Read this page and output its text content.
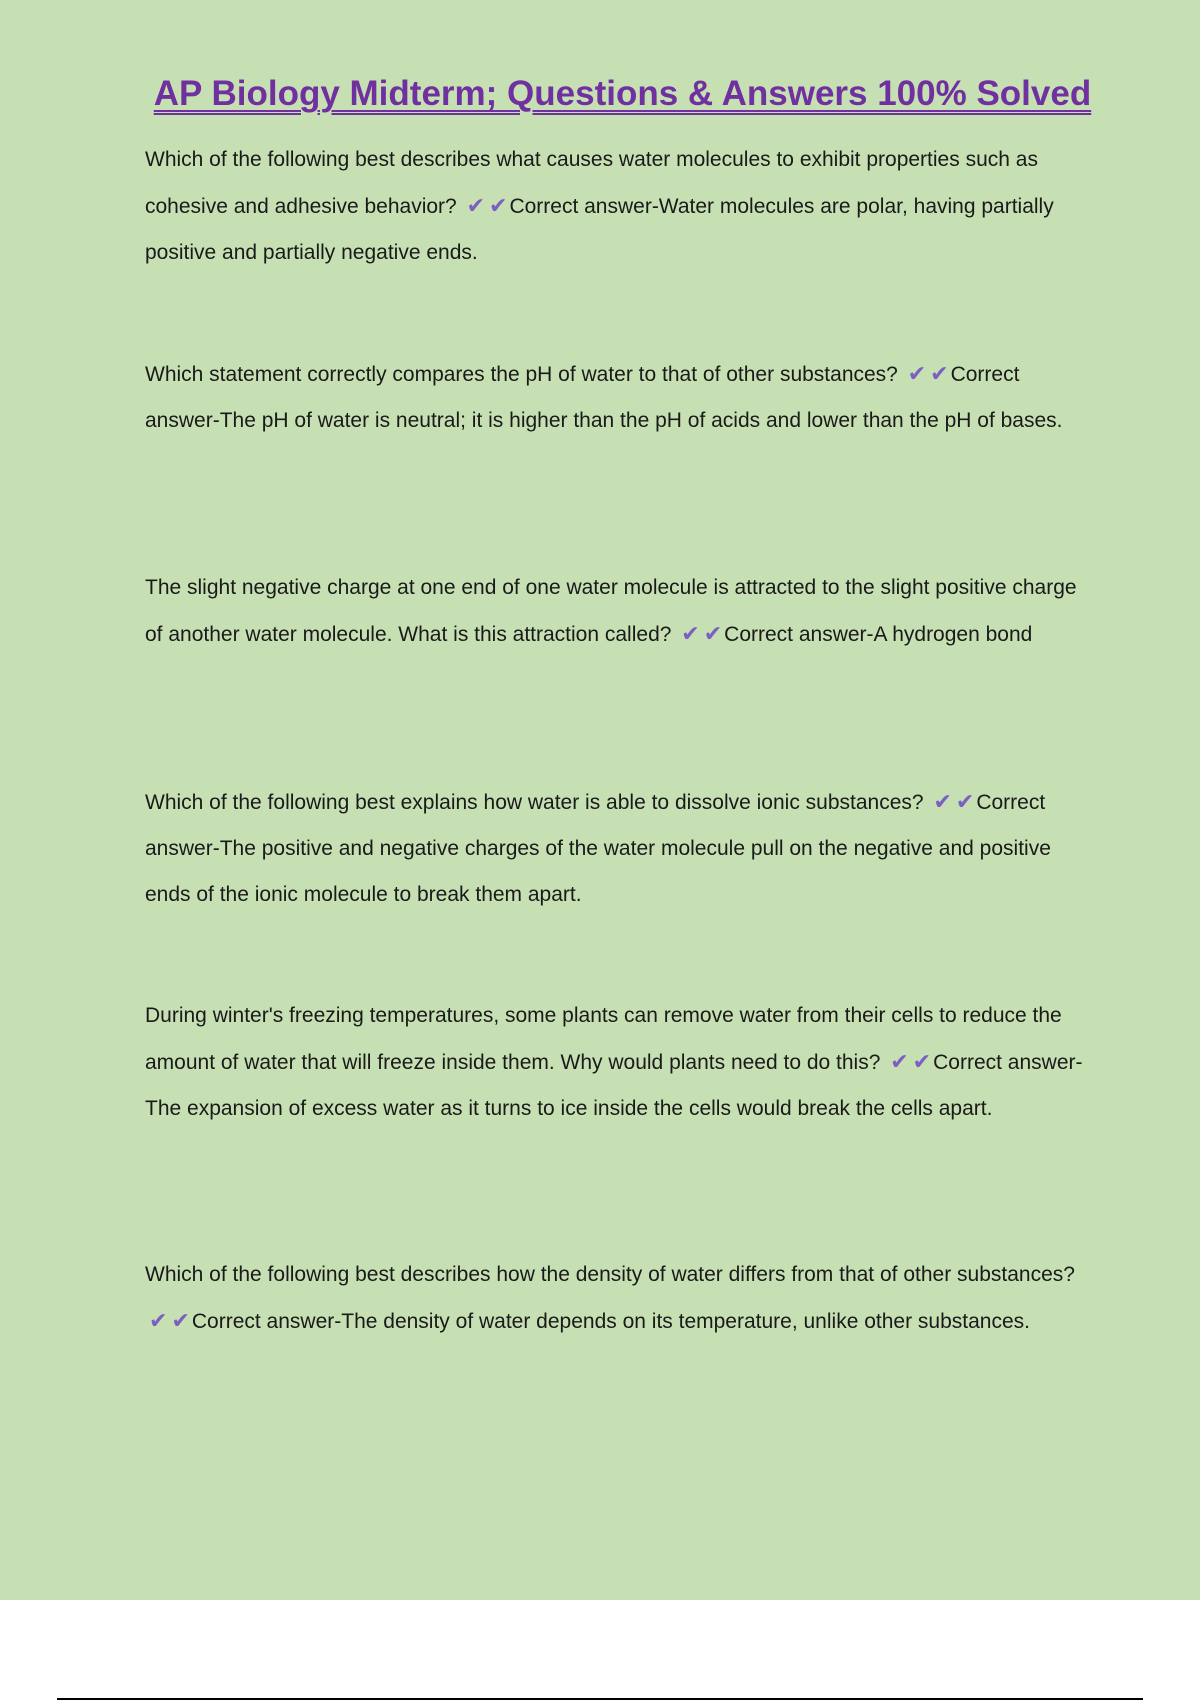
AP Biology Midterm; Questions & Answers 100% Solved

Which of the following best describes what causes water molecules to exhibit properties such as cohesive and adhesive behavior? ✔ ✔Correct answer-Water molecules are polar, having partially positive and partially negative ends.

Which statement correctly compares the pH of water to that of other substances? ✔ ✔Correct answer-The pH of water is neutral; it is higher than the pH of acids and lower than the pH of bases.

The slight negative charge at one end of one water molecule is attracted to the slight positive charge of another water molecule. What is this attraction called? ✔ ✔Correct answer-A hydrogen bond

Which of the following best explains how water is able to dissolve ionic substances? ✔ ✔Correct answer-The positive and negative charges of the water molecule pull on the negative and positive ends of the ionic molecule to break them apart.

During winter's freezing temperatures, some plants can remove water from their cells to reduce the amount of water that will freeze inside them. Why would plants need to do this? ✔ ✔Correct answer-The expansion of excess water as it turns to ice inside the cells would break the cells apart.

Which of the following best describes how the density of water differs from that of other substances? ✔ ✔Correct answer-The density of water depends on its temperature, unlike other substances.
